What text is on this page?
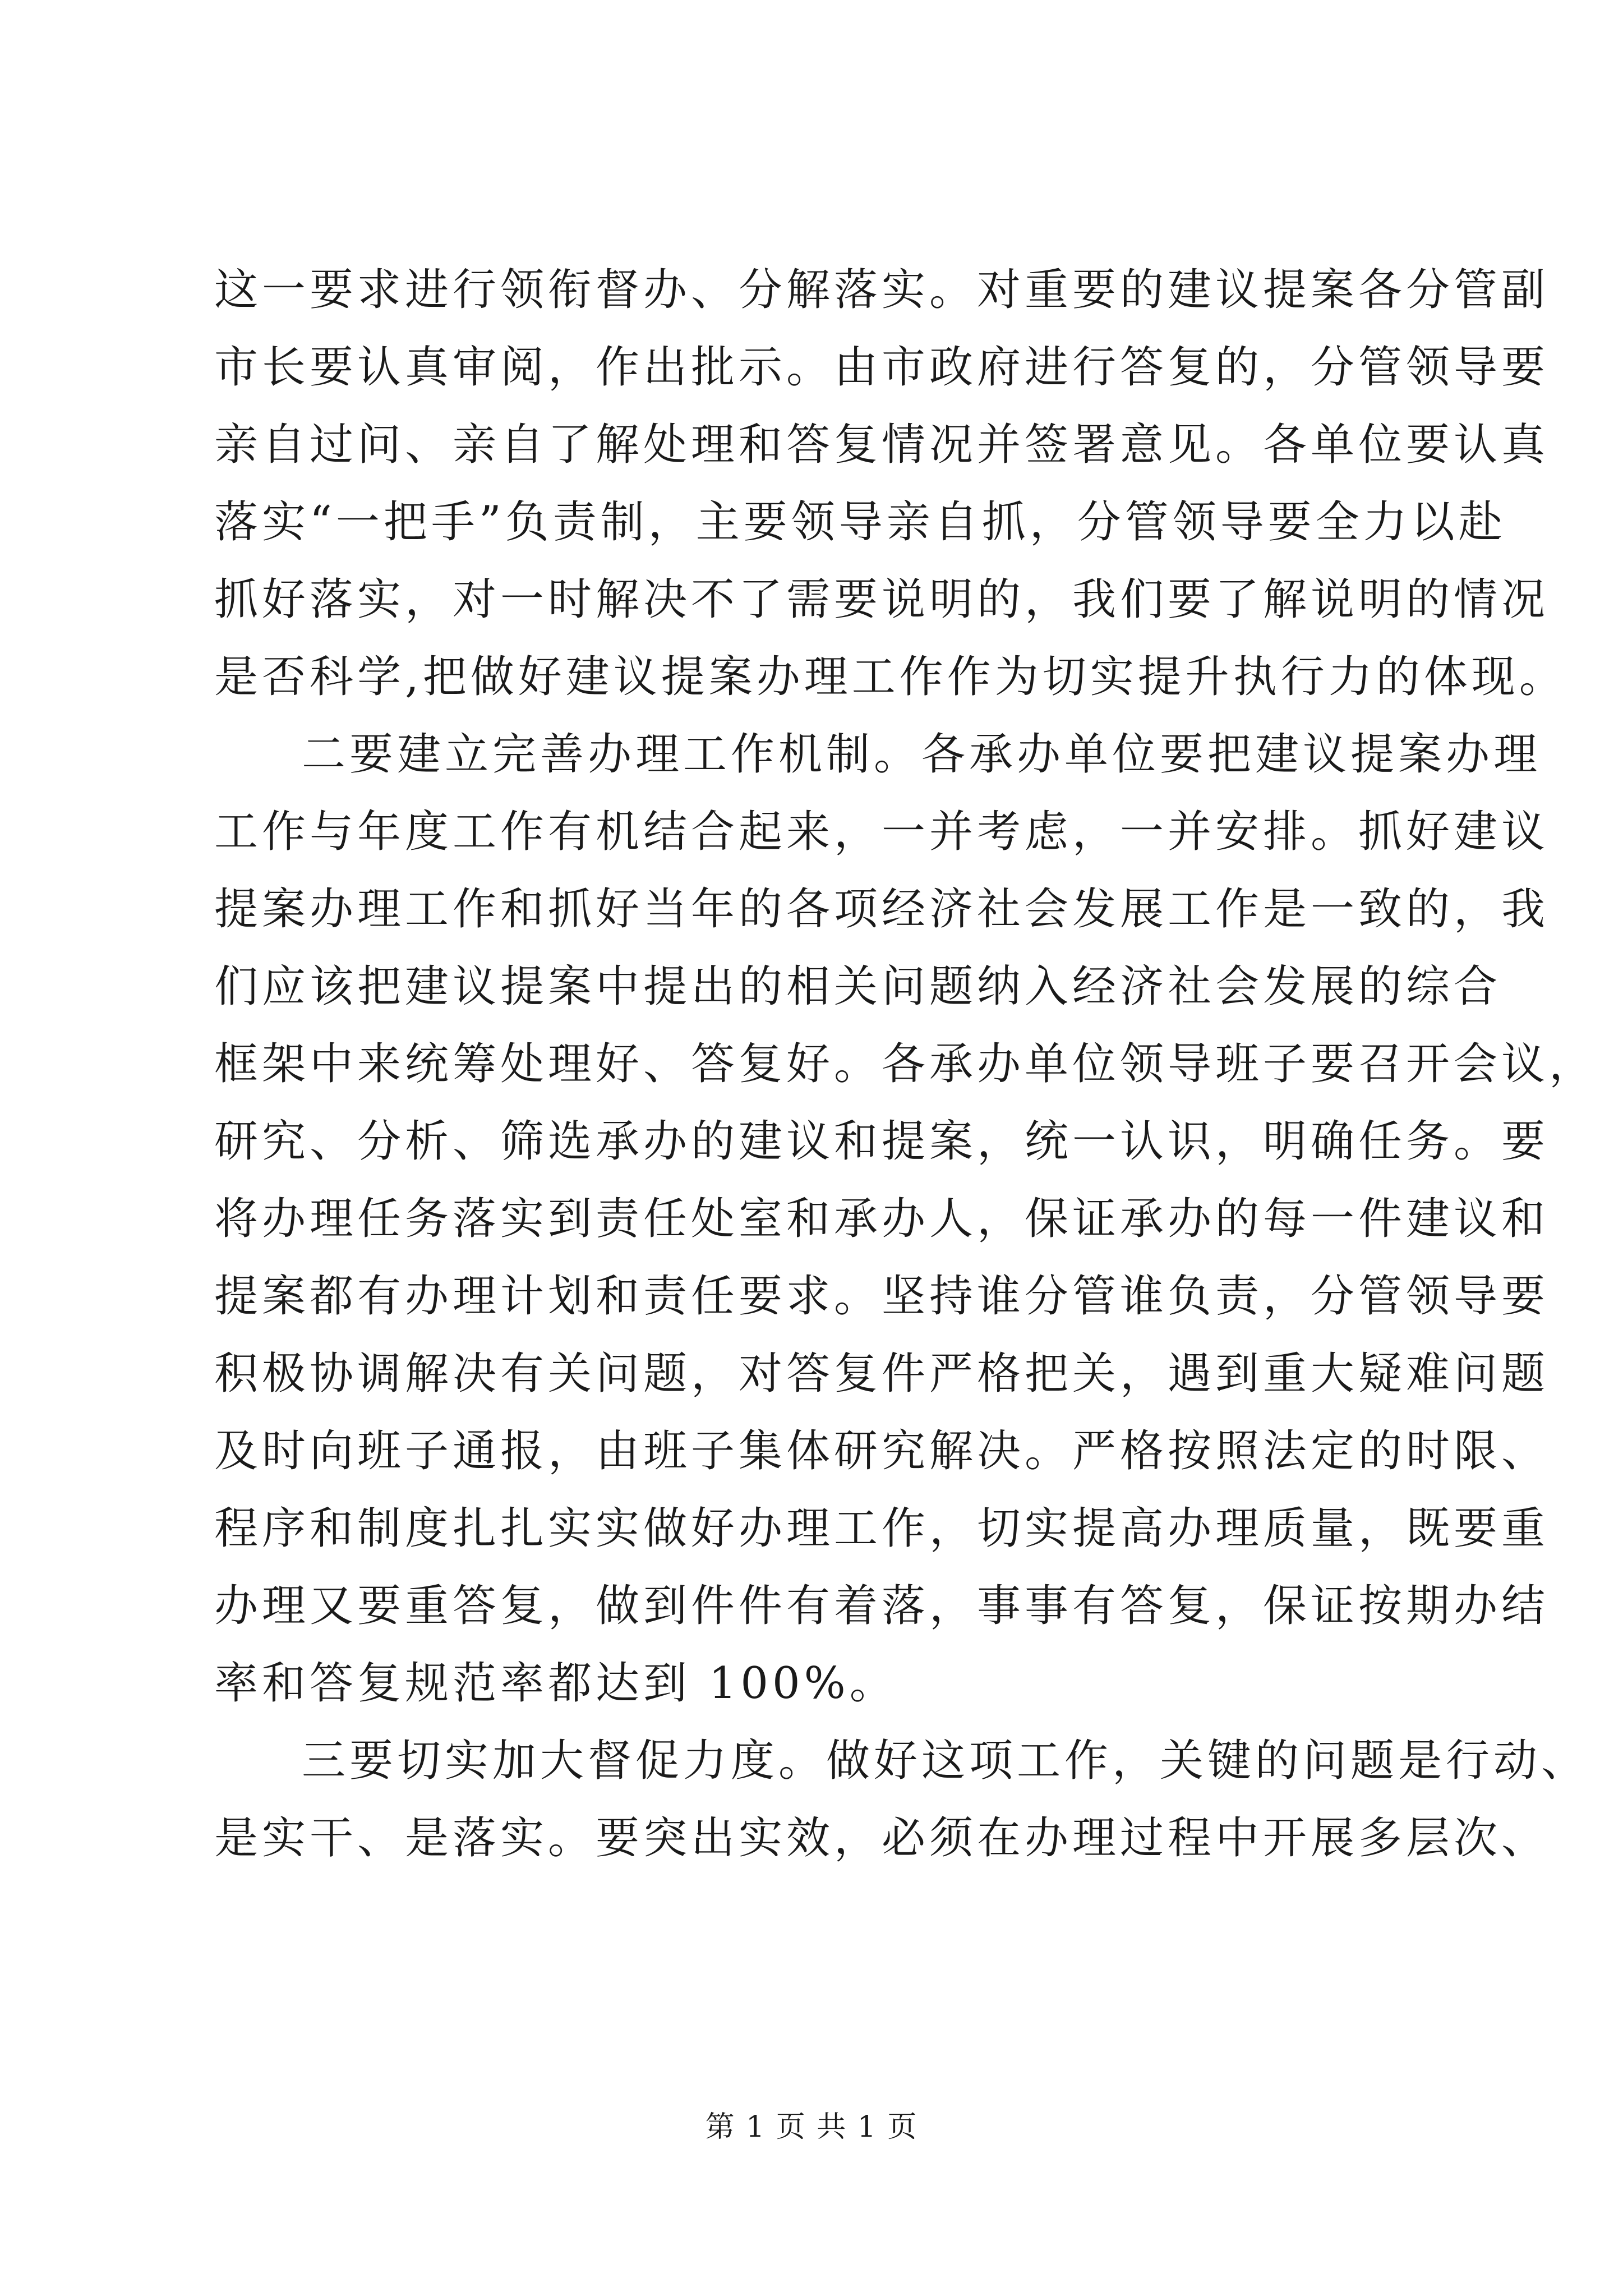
这一要求进行领衔督办、分解落实。对重要的建议提案各分管副
市长要认真审阅，作出批示。由市政府进行答复的，分管领导要
亲自过问、亲自了解处理和答复情况并签署意见。各单位要认真
落实“一把手”负责制，主要领导亲自抓，分管领导要全力以赴
抓好落实，对一时解决不了需要说明的，我们要了解说明的情况
是否科学,把做好建议提案办理工作作为切实提升执行力的体现。
二要建立完善办理工作机制。各承办单位要把建议提案办理
工作与年度工作有机结合起来，一并考虑，一并安排。抓好建议
提案办理工作和抓好当年的各项经济社会发展工作是一致的，我
们应该把建议提案中提出的相关问题纳入经济社会发展的综合
框架中来统筹处理好、答复好。各承办单位领导班子要召开会议，
研究、分析、筛选承办的建议和提案，统一认识，明确任务。要
将办理任务落实到责任处室和承办人，保证承办的每一件建议和
提案都有办理计划和责任要求。坚持谁分管谁负责，分管领导要
积极协调解决有关问题，对答复件严格把关，遇到重大疑难问题
及时向班子通报，由班子集体研究解决。严格按照法定的时限、
程序和制度扎扎实实做好办理工作，切实提高办理质量，既要重
办理又要重答复，做到件件有着落，事事有答复，保证按期办结
率和答复规范率都达到 100%。
三要切实加大督促力度。做好这项工作，关键的问题是行动、
是实干、是落实。要突出实效，必须在办理过程中开展多层次、
第 1 页 共 1 页
